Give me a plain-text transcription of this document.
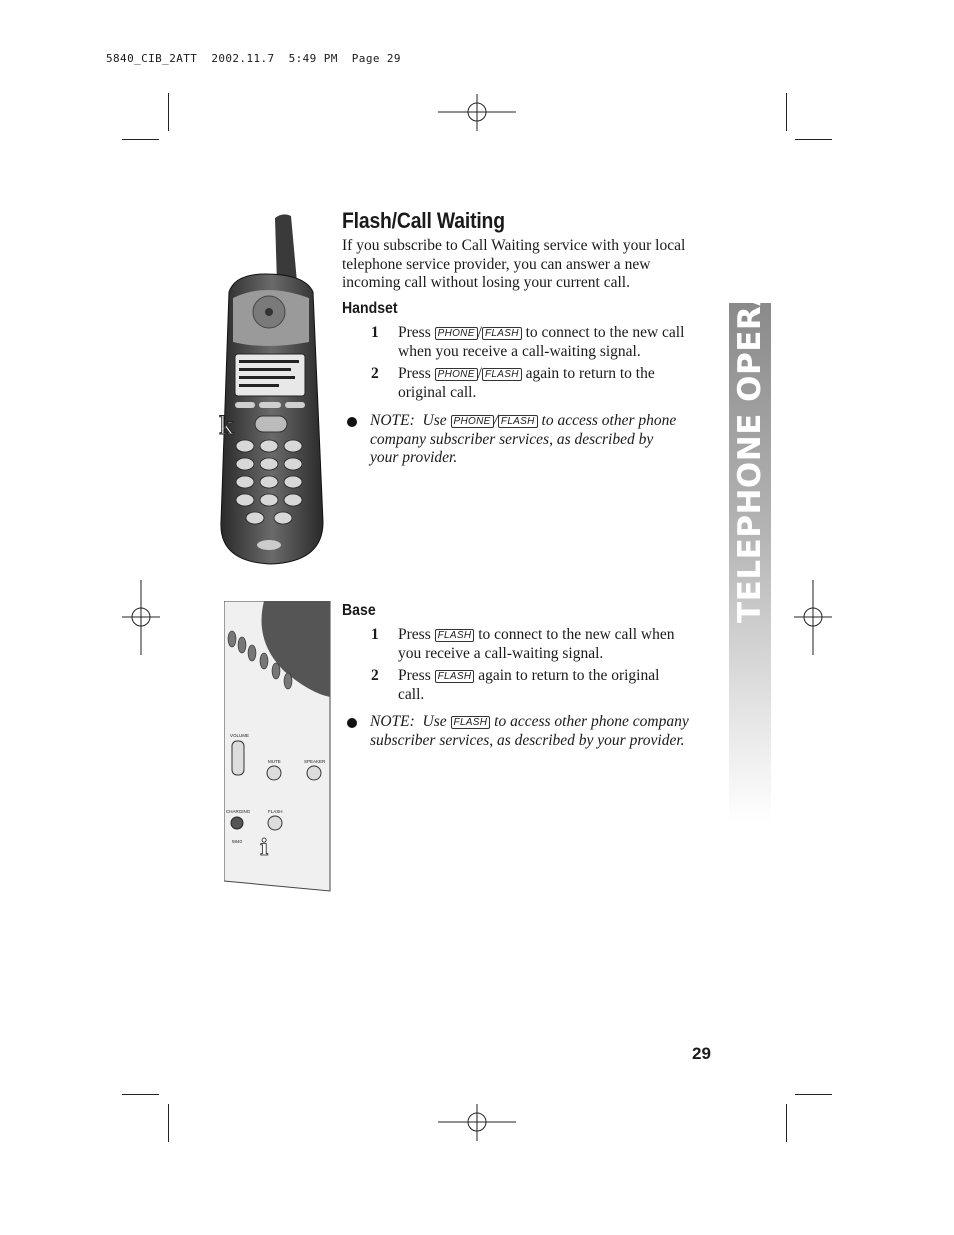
5840_CIB_2ATT  2002.11.7  5:49 PM  Page 29
k
VOLUME
MUTE	SPEAKER
CHARGING	FLASH
5840 i
Flash/Call Waiting
If you subscribe to Call Waiting service with your local
telephone service provider, you can answer a new
incoming call without losing your current call.
Handset
1 Press PHONE / FLASH to connect to the new call
when you receive a call-waiting signal.
2 Press PHONE / FLASH again to return to the
original call.
NOTE: Use PHONE / FLASH to access other phone
company subscriber services, as described by
your provider.
Base
1 Press FLASH to connect to the new call when
you receive a call-waiting signal.
2 Press FLASH again to return to the original
call.
NOTE: Use FLASH to access other phone company
subscriber services, as described by your provider.
TELEPHONE OPERATION
29
